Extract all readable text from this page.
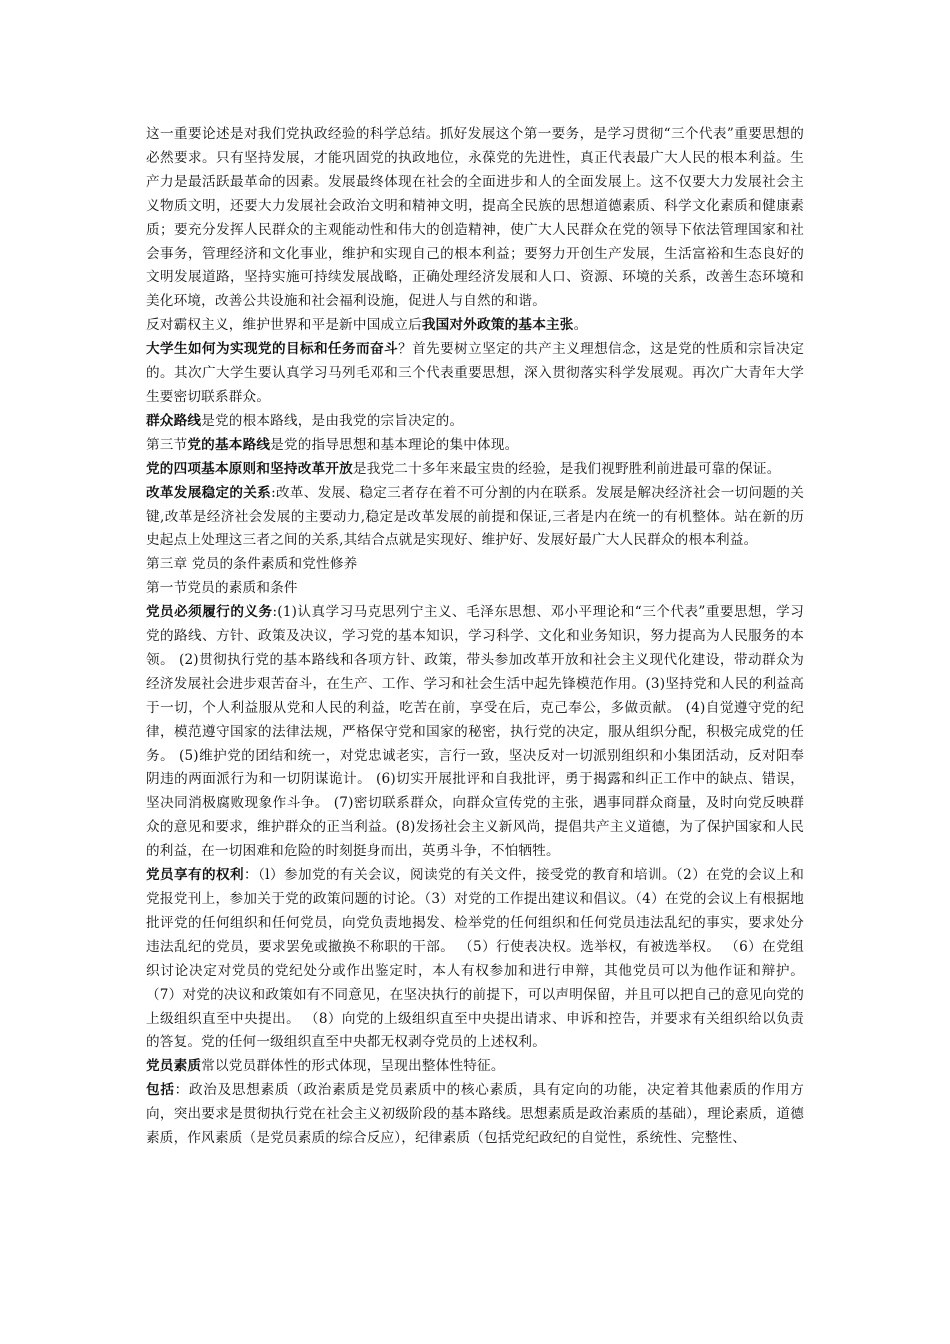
这一重要论述是对我们党执政经验的科学总结。抓好发展这个第一要务，是学习贯彻“三个代表”重要思想的必然要求。只有坚持发展，才能巩固党的执政地位，永葆党的先进性，真正代表最广大人民的根本利益。生产力是最活跃最革命的因素。发展最终体现在社会的全面进步和人的全面发展上。这不仅要大力发展社会主义物质文明，还要大力发展社会政治文明和精神文明，提高全民族的思想道德素质、科学文化素质和健康素质；要充分发挥人民群众的主观能动性和伟大的创造精神，使广大人民群众在党的领导下依法管理国家和社会事务，管理经济和文化事业，维护和实现自己的根本利益；要努力开创生产发展，生活富裕和生态良好的文明发展道路，坚持实施可持续发展战略，正确处理经济发展和人口、资源、环境的关系，改善生态环境和美化环境，改善公共设施和社会福利设施，促进人与自然的和谐。

反对霸权主义，维护世界和平是新中国成立后我国对外政策的基本主张。

大学生如何为实现党的目标和任务而奋斗？首先要树立坚定的共产主义理想信念，这是党的性质和宗旨决定的。其次广大学生要认真学习马列毛邓和三个代表重要思想，深入贯彻落实科学发展观。再次广大青年大学生要密切联系群众。

群众路线是党的根本路线，是由我党的宗旨决定的。

第三节党的基本路线是党的指导思想和基本理论的集中体现。

党的四项基本原则和坚持改革开放是我党二十多年来最宝贵的经验，是我们视野胜利前进最可靠的保证。

改革发展稳定的关系:改革、发展、稳定三者存在着不可分割的内在联系。发展是解决经济社会一切问题的关键,改革是经济社会发展的主要动力,稳定是改革发展的前提和保证,三者是内在统一的有机整体。站在新的历史起点上处理这三者之间的关系,其结合点就是实现好、维护好、发展好最广大人民群众的根本利益。

第三章 党员的条件素质和党性修养

第一节党员的素质和条件

党员必须履行的义务:(1)认真学习马克思列宁主义、毛泽东思想、邓小平理论和“三个代表”重要思想，学习党的路线、方针、政策及决议，学习党的基本知识，学习科学、文化和业务知识，努力提高为人民服务的本领。 (2)贯彻执行党的基本路线和各项方针、政策，带头参加改革开放和社会主义现代化建设，带动群众为经济发展社会进步艰苦奋斗，在生产、工作、学习和社会生活中起先锋模范作用。(3)坚持党和人民的利益高于一切，个人利益服从党和人民的利益，吃苦在前，享受在后，克己奉公，多做贡献。 (4)自觉遵守党的纪律，模范遵守国家的法律法规，严格保守党和国家的秘密，执行党的决定，服从组织分配，积极完成党的任务。 (5)维护党的团结和统一，对党忠诚老实，言行一致，坚决反对一切派别组织和小集团活动，反对阳奉阴违的两面派行为和一切阴谋诡计。 (6)切实开展批评和自我批评，勇于揭露和纠正工作中的缺点、错误，坚决同消极腐败现象作斗争。 (7)密切联系群众，向群众宣传党的主张，遇事同群众商量，及时向党反映群众的意见和要求，维护群众的正当利益。(8)发扬社会主义新风尚，提倡共产主义道德，为了保护国家和人民的利益，在一切困难和危险的时刻挺身而出，英勇斗争，不怕牺牲。

党员享有的权利：（l）参加党的有关会议，阅读党的有关文件，接受党的教育和培训。（2）在党的会议上和党报党刊上，参加关于党的政策问题的讨论。（3）对党的工作提出建议和倡议。（4）在党的会议上有根据地批评党的任何组织和任何党员，向党负责地揭发、检举党的任何组织和任何党员违法乱纪的事实，要求处分违法乱纪的党员，要求罢免或撤换不称职的干部。 （5）行使表决权。选举权，有被选举权。 （6）在党组织讨论决定对党员的党纪处分或作出鉴定时，本人有权参加和进行申辩，其他党员可以为他作证和辩护。 （7）对党的决议和政策如有不同意见，在坚决执行的前提下，可以声明保留，并且可以把自己的意见向党的上级组织直至中央提出。 （8）向党的上级组织直至中央提出请求、申诉和控告，并要求有关组织给以负责的答复。党的任何一级组织直至中央都无权剥夺党员的上述权利。

党员素质常以党员群体性的形式体现，呈现出整体性特征。

包括：政治及思想素质（政治素质是党员素质中的核心素质，具有定向的功能，决定着其他素质的作用方向，突出要求是贯彻执行党在社会主义初级阶段的基本路线。思想素质是政治素质的基础），理论素质，道德素质，作风素质（是党员素质的综合反应），纪律素质（包括党纪政纪的自觉性，系统性、完整性、
